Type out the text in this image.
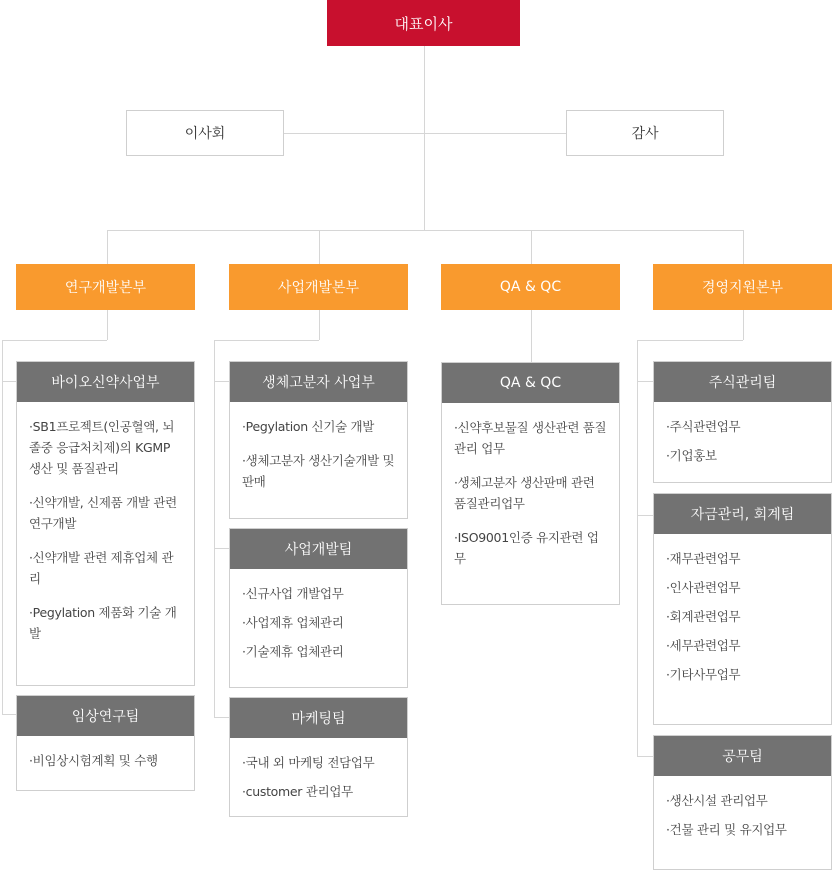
대표이사
이사회	감사
연구개발본부	사업개발본부	QA & QC	경영지원본부
바이오신약사업부
·SB1프로젝트(인공혈액, 뇌졸중 응급처치제)의 KGMP 생산 및 품질관리
·신약개발, 신제품 개발 관련 연구개발
·신약개발 관련 제휴업체 관리
·Pegylation 제품화 기술 개발
임상연구팀
·비임상시험계획 및 수행
생체고분자 사업부
·Pegylation 신기술 개발
·생체고분자 생산기술개발 및 판매
사업개발팀
·신규사업 개발업무
·사업제휴 업체관리
·기술제휴 업체관리
마케팅팀
·국내 외 마케팅 전담업무
·customer 관리업무
QA & QC
·신약후보물질 생산관련 품질관리 업무
·생체고분자 생산판매 관련 품질관리업무
·ISO9001인증 유지관련 업무
주식관리팀
·주식관련업무
·기업홍보
자금관리, 회계팀
·재무관련업무
·인사관련업무
·회계관련업무
·세무관련업무
·기타사무업무
공무팀
·생산시설 관리업무
·건물 관리 및 유지업무
